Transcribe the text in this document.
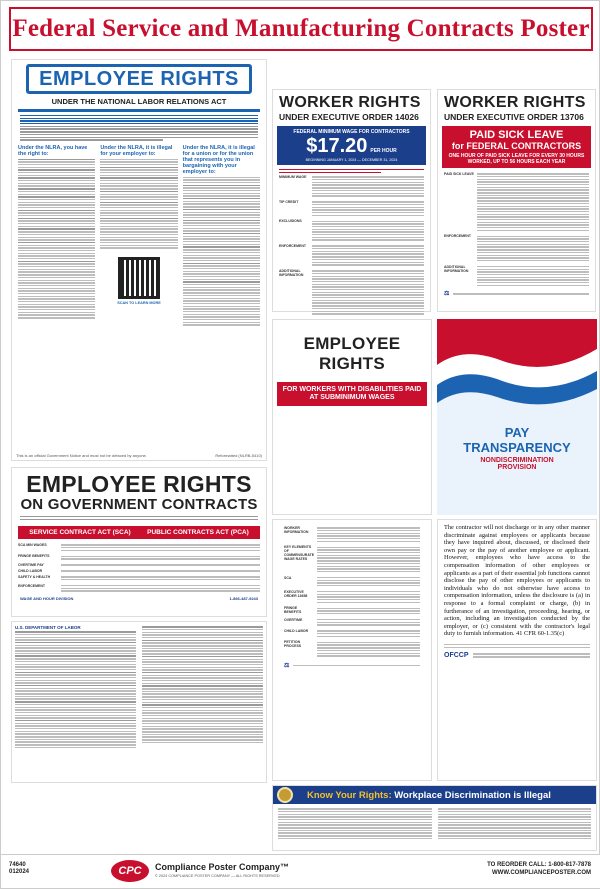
Federal Service and Manufacturing Contracts Poster
EMPLOYEE RIGHTS
UNDER THE NATIONAL LABOR RELATIONS ACT
Under the NLRA, you have the right to:
Under the NLRA, it is illegal for your employer to:
SCAN TO LEARN MORE
Under the NLRA, it is illegal for a union or for the union that represents you in bargaining with your employer to:
This is an official Government Notice and must not be defaced by anyone.	Reformatted (NLRB-5410)
WORKER RIGHTS
UNDER EXECUTIVE ORDER 14026
FEDERAL MINIMUM WAGE FOR CONTRACTORS
$17.20 PER HOUR
BEGINNING JANUARY 1, 2024 — DECEMBER 31, 2024
MINIMUM WAGE
TIP CREDIT
EXCLUSIONS
ENFORCEMENT
ADDITIONAL INFORMATION
WORKER RIGHTS
UNDER EXECUTIVE ORDER 13706
PAID SICK LEAVE
for FEDERAL CONTRACTORS
ONE HOUR OF PAID SICK LEAVE FOR EVERY 30 HOURS WORKED, UP TO 56 HOURS EACH YEAR
PAID SICK LEAVE
ENFORCEMENT
ADDITIONAL INFORMATION
⚖
EMPLOYEE RIGHTS
FOR WORKERS WITH DISABILITIES PAID AT SUBMINIMUM WAGES
PAY
TRANSPARENCY
NONDISCRIMINATION
PROVISION
EMPLOYEE RIGHTS
ON GOVERNMENT CONTRACTS
SERVICE CONTRACT ACT (SCA)	PUBLIC CONTRACTS ACT (PCA)
SCA MIN WAGES
FRINGE BENEFITS
OVERTIME PAY
CHILD LABOR
SAFETY & HEALTH
ENFORCEMENT
WAGE AND HOUR DIVISION	1-866-487-9243
U.S. DEPARTMENT OF LABOR
WORKER INFORMATION
KEY ELEMENTS OF COMMENSURATE WAGE RATES
SCA
EXECUTIVE ORDER 13658
FRINGE BENEFITS
OVERTIME
CHILD LABOR
PETITION PROCESS
⚖

The contractor will not discharge or in any other manner discriminate against employees or applicants because they have inquired about, discussed, or disclosed their own pay or the pay of another employee or applicant. However, employees who have access to the compensation information of other employees or applicants as a part of their essential job functions cannot disclose the pay of other employees or applicants to individuals who do not otherwise have access to compensation information, unless the disclosure is (a) in response to a formal complaint or charge, (b) in furtherance of an investigation, proceeding, hearing, or action, including an investigation conducted by the employer, or (c) consistent with the contractor's legal duty to furnish information. 41 CFR 60-1.35(c)

OFCCP
Know Your Rights:
Workplace Discrimination is Illegal
74640
012024	CPC	Compliance Poster Company™
© 2024 COMPLIANCE POSTER COMPANY — ALL RIGHTS RESERVED
TO REORDER CALL: 1-800-817-7878
WWW.COMPLIANCEPOSTER.COM
